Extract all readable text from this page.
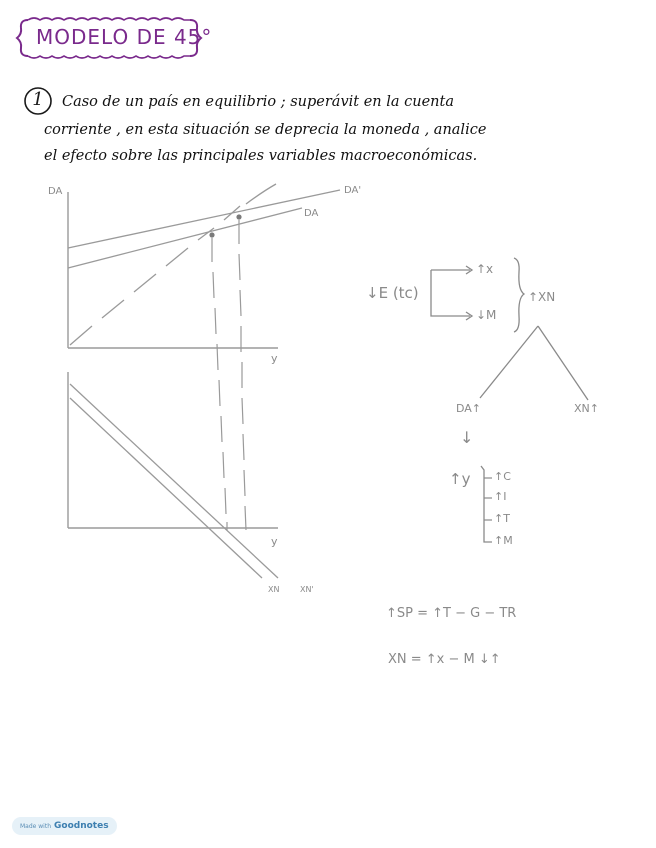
MODELO DE 45°
1	Caso de un país en equilibrio ; superávit en la cuenta
corriente , en esta situación se deprecia la moneda , analice
el efecto sobre las principales variables macroeconómicas.
DA
y
DA'
DA
y
XN	XN'
↓E (tc)
↑x
↓M
↑XN
DA↑	XN↑
↓
↑y ↑C
↑I
↑T
↑M
↑SP = ↑T − G − TR
XN = ↑x − M ↓↑
Made with Goodnotes
